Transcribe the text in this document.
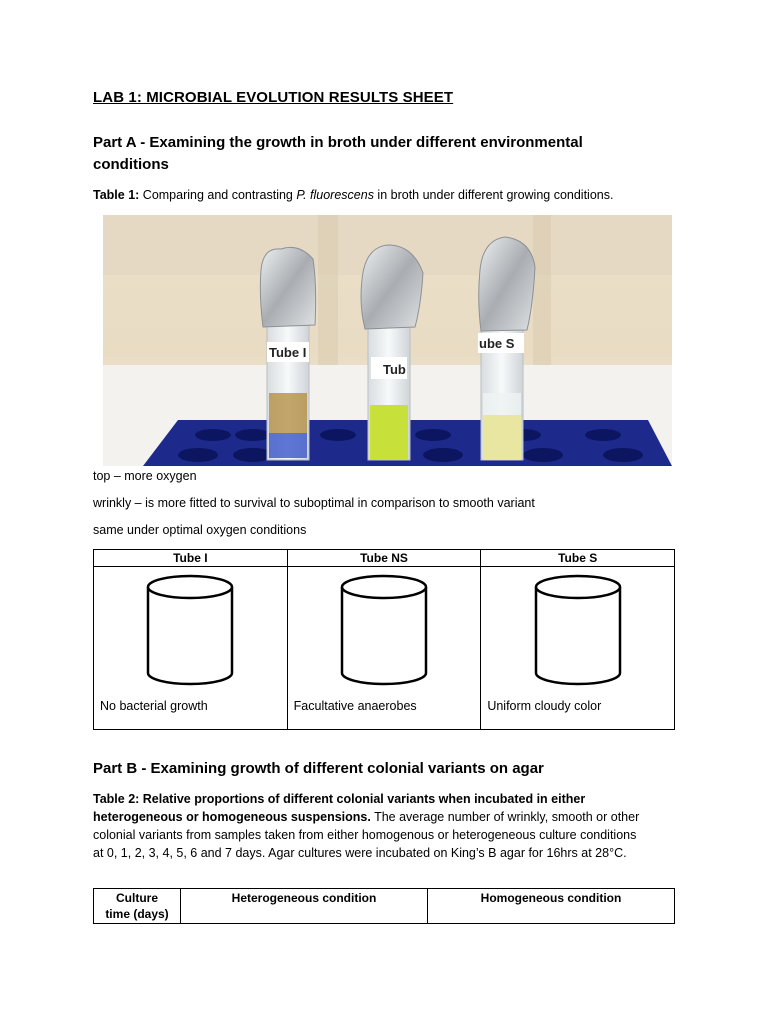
LAB 1: MICROBIAL EVOLUTION RESULTS SHEET
Part A - Examining the growth in broth under different environmental
conditions
Table 1: Comparing and contrasting P. fluorescens in broth under different growing conditions.
Tube I
Tub
ube S
top – more oxygen
wrinkly – is more fitted to survival to suboptimal in comparison to smooth variant
same under optimal oxygen conditions
Tube I	Tube NS	Tube S

No bacterial growth	Facultative anaerobes	Uniform cloudy color
Part B - Examining growth of different colonial variants on agar
Table 2: Relative proportions of different colonial variants when incubated in either
heterogeneous or homogeneous suspensions. The average number of wrinkly, smooth or other
colonial variants from samples taken from either homogenous or heterogeneous culture conditions
at 0, 1, 2, 3, 4, 5, 6 and 7 days. Agar cultures were incubated on King’s B agar for 16hrs at 28°C.
Culture
time (days)	Heterogeneous condition	Homogeneous condition
